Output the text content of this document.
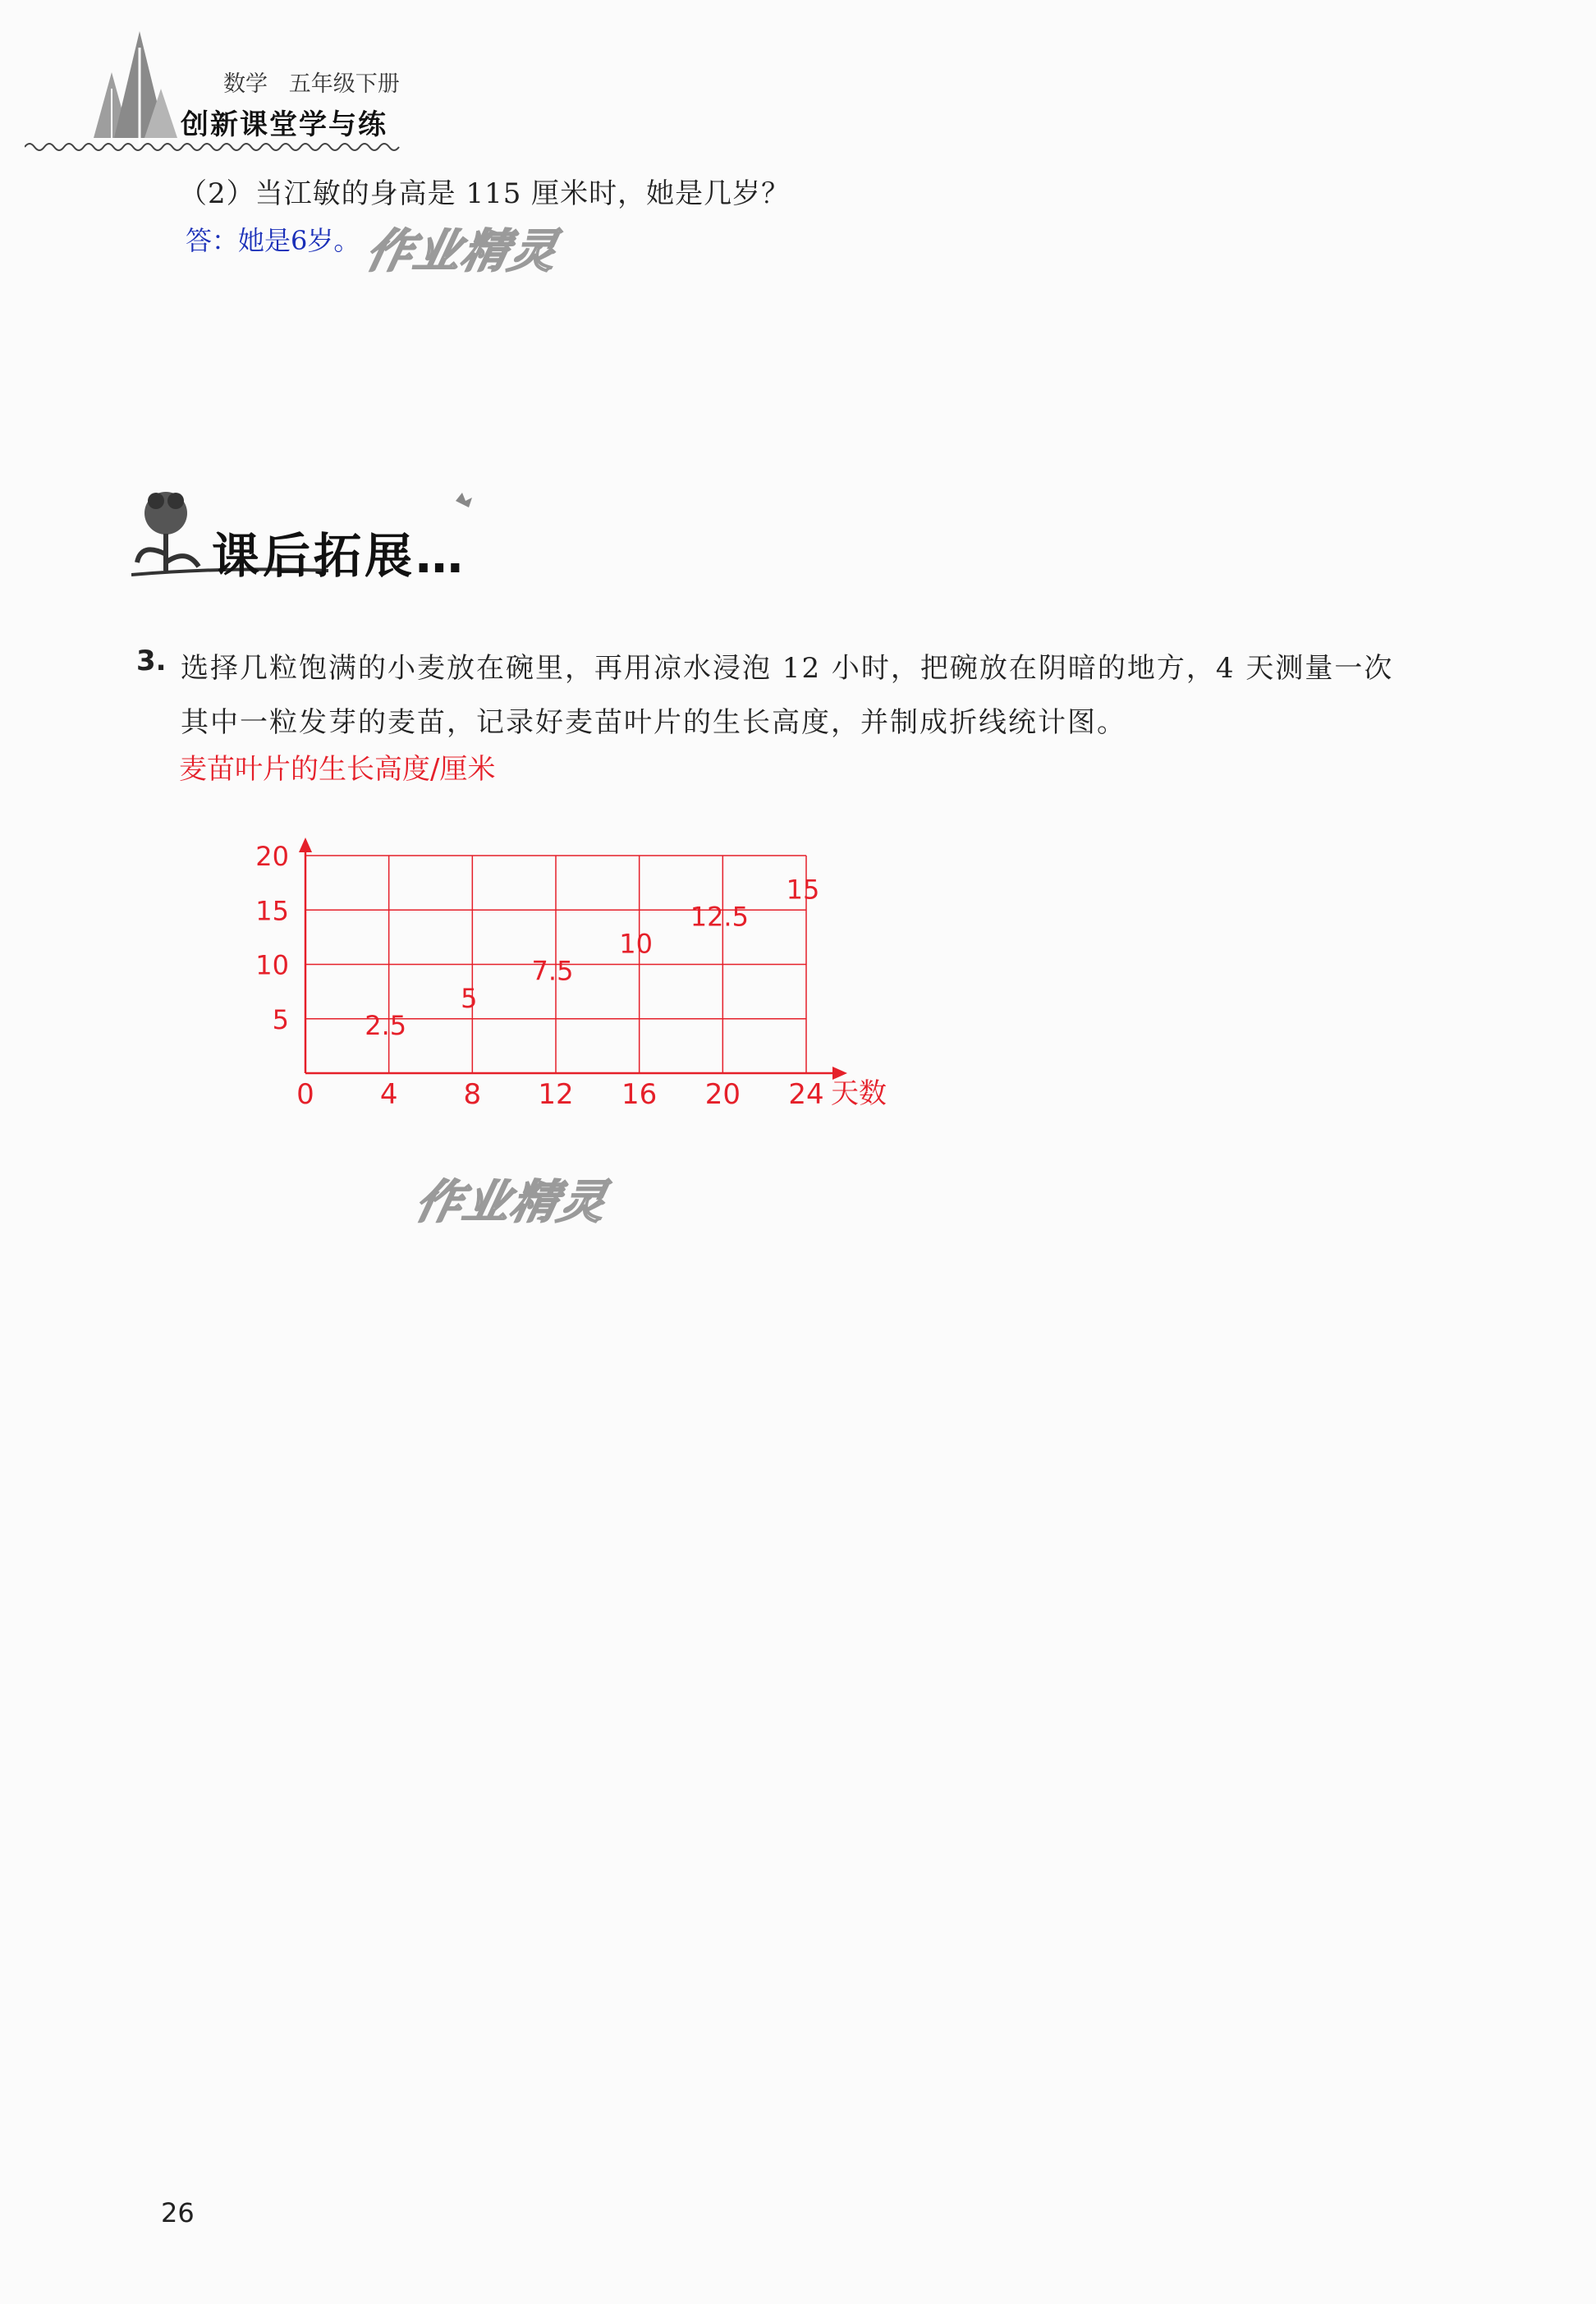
数学   五年级下册
创新课堂学与练
（2）当江敏的身高是 115 厘米时，她是几岁？
答：她是6岁。 作业精灵
课后拓展…
3. 选择几粒饱满的小麦放在碗里，再用凉水浸泡 12 小时，把碗放在阴暗的地方，4 天测量一次
其中一粒发芽的麦苗，记录好麦苗叶片的生长高度，并制成折线统计图。
麦苗叶片的生长高度/厘米
0 4 8 12 16 20 24
5
10
15
20
2.5
5
7.5
10
12.5
15
天数
作业精灵
26
